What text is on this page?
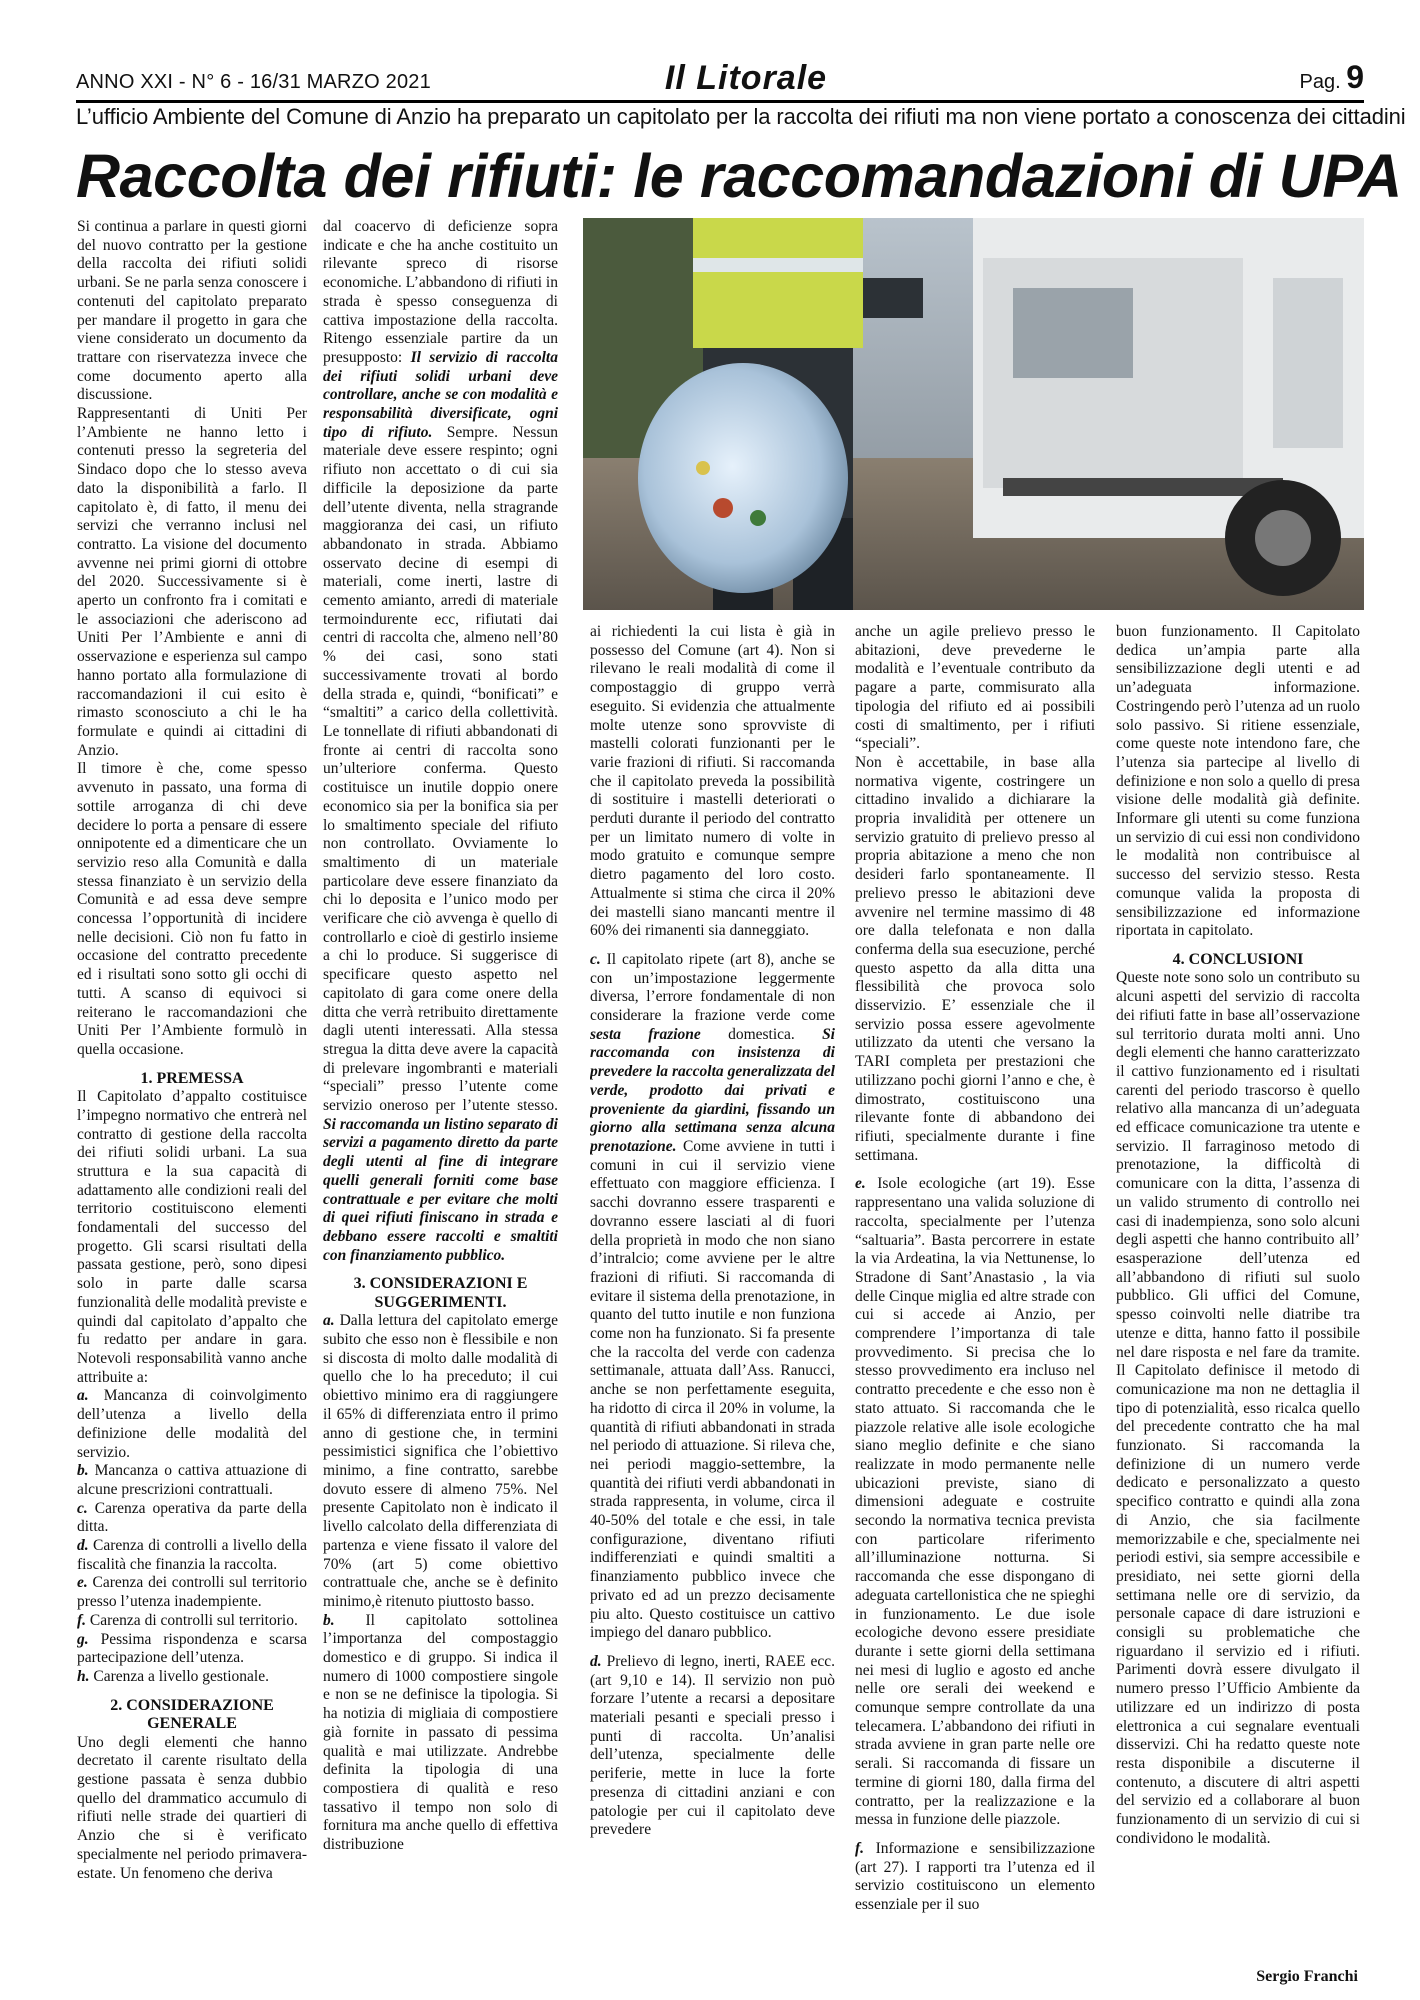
ANNO XXI - N° 6 - 16/31 MARZO 2021	Il Litorale	Pag. 9
L’ufficio Ambiente del Comune di Anzio ha preparato un capitolato per la raccolta dei rifiuti ma non viene portato a conoscenza dei cittadini
Raccolta dei rifiuti: le raccomandazioni di UPA

Si continua a parlare in questi giorni del nuovo contratto per la gestione della raccolta dei rifiuti solidi urbani. Se ne parla senza conoscere i contenuti del capitolato preparato per mandare il progetto in gara che viene considerato un documento da trattare con riservatezza invece che come documento aperto alla discussione.

Rappresentanti di Uniti Per l’Ambiente ne hanno letto i contenuti presso la segreteria del Sindaco dopo che lo stesso aveva dato la disponibilità a farlo. Il capitolato è, di fatto, il menu dei servizi che verranno inclusi nel contratto. La visione del documento avvenne nei primi giorni di ottobre del 2020. Successivamente si è aperto un confronto fra i comitati e le associazioni che aderiscono ad Uniti Per l’Ambiente e anni di osservazione e esperienza sul campo hanno portato alla formulazione di raccomandazioni il cui esito è rimasto sconosciuto a chi le ha formulate e quindi ai cittadini di Anzio.

Il timore è che, come spesso avvenuto in passato, una forma di sottile arroganza di chi deve decidere lo porta a pensare di essere onnipotente ed a dimenticare che un servizio reso alla Comunità e dalla stessa finanziato è un servizio della Comunità e ad essa deve sempre concessa l’opportunità di incidere nelle decisioni. Ciò non fu fatto in occasione del contratto precedente ed i risultati sono sotto gli occhi di tutti. A scanso di equivoci si reiterano le raccomandazioni che Uniti Per l’Ambiente formulò in quella occasione.

1. PREMESSA

Il Capitolato d’appalto costituisce l’impegno normativo che entrerà nel contratto di gestione della raccolta dei rifiuti solidi urbani. La sua struttura e la sua capacità di adattamento alle condizioni reali del territorio costituiscono elementi fondamentali del successo del progetto. Gli scarsi risultati della passata gestione, però, sono dipesi solo in parte dalle scarsa funzionalità delle modalità previste e quindi dal capitolato d’appalto che fu redatto per andare in gara. Notevoli responsabilità vanno anche attribuite a:

a. Mancanza di coinvolgimento dell’utenza a livello della definizione delle modalità del servizio.

b. Mancanza o cattiva attuazione di alcune prescrizioni contrattuali.

c. Carenza operativa da parte della ditta.

d. Carenza di controlli a livello della fiscalità che finanzia la raccolta.

e. Carenza dei controlli sul territorio presso l’utenza inadempiente.

f. Carenza di controlli sul territorio.

g. Pessima rispondenza e scarsa partecipazione dell’utenza.

h. Carenza a livello gestionale.

2. CONSIDERAZIONE GENERALE

Uno degli elementi che hanno decretato il carente risultato della gestione passata è senza dubbio quello del drammatico accumulo di rifiuti nelle strade dei quartieri di Anzio che si è verificato specialmente nel periodo primavera-estate. Un fenomeno che deriva

dal coacervo di deficienze sopra indicate e che ha anche costituito un rilevante spreco di risorse economiche. L’abbandono di rifiuti in strada è spesso conseguenza di cattiva impostazione della raccolta. Ritengo essenziale partire da un presupposto: Il servizio di raccolta dei rifiuti solidi urbani deve controllare, anche se con modalità e responsabilità diversificate, ogni tipo di rifiuto. Sempre. Nessun materiale deve essere respinto; ogni rifiuto non accettato o di cui sia difficile la deposizione da parte dell’utente diventa, nella stragrande maggioranza dei casi, un rifiuto abbandonato in strada. Abbiamo osservato decine di esempi di materiali, come inerti, lastre di cemento amianto, arredi di materiale termoindurente ecc, rifiutati dai centri di raccolta che, almeno nell’80 % dei casi, sono stati successivamente trovati al bordo della strada e, quindi, “bonificati” e “smaltiti” a carico della collettività. Le tonnellate di rifiuti abbandonati di fronte ai centri di raccolta sono un’ulteriore conferma. Questo costituisce un inutile doppio onere economico sia per la bonifica sia per lo smaltimento speciale del rifiuto non controllato. Ovviamente lo smaltimento di un materiale particolare deve essere finanziato da chi lo deposita e l’unico modo per verificare che ciò avvenga è quello di controllarlo e cioè di gestirlo insieme a chi lo produce. Si suggerisce di specificare questo aspetto nel capitolato di gara come onere della ditta che verrà retribuito direttamente dagli utenti interessati. Alla stessa stregua la ditta deve avere la capacità di prelevare ingombranti e materiali “speciali” presso l’utente come servizio oneroso per l’utente stesso. Si raccomanda un listino separato di servizi a pagamento diretto da parte degli utenti al fine di integrare quelli generali forniti come base contrattuale e per evitare che molti di quei rifiuti finiscano in strada e debbano essere raccolti e smaltiti con finanziamento pubblico.

3. CONSIDERAZIONI E SUGGERIMENTI.

a. Dalla lettura del capitolato emerge subito che esso non è flessibile e non si discosta di molto dalle modalità di quello che lo ha preceduto; il cui obiettivo minimo era di raggiungere il 65% di differenziata entro il primo anno di gestione che, in termini pessimistici significa che l’obiettivo minimo, a fine contratto, sarebbe dovuto essere di almeno 75%. Nel presente Capitolato non è indicato il livello calcolato della differenziata di partenza e viene fissato il valore del 70% (art 5) come obiettivo contrattuale che, anche se è definito minimo,è ritenuto piuttosto basso.

b. Il capitolato sottolinea l’importanza del compostaggio domestico e di gruppo. Si indica il numero di 1000 compostiere singole e non se ne definisce la tipologia. Si ha notizia di migliaia di compostiere già fornite in passato di pessima qualità e mai utilizzate. Andrebbe definita la tipologia di una compostiera di qualità e reso tassativo il tempo non solo di fornitura ma anche quello di effettiva distribuzione

ai richiedenti la cui lista è già in possesso del Comune (art 4). Non si rilevano le reali modalità di come il compostaggio di gruppo verrà eseguito. Si evidenzia che attualmente molte utenze sono sprovviste di mastelli colorati funzionanti per le varie frazioni di rifiuti. Si raccomanda che il capitolato preveda la possibilità di sostituire i mastelli deteriorati o perduti durante il periodo del contratto per un limitato numero di volte in modo gratuito e comunque sempre dietro pagamento del loro costo. Attualmente si stima che circa il 20% dei mastelli siano mancanti mentre il 60% dei rimanenti sia danneggiato.

c. Il capitolato ripete (art 8), anche se con un’impostazione leggermente diversa, l’errore fondamentale di non considerare la frazione verde come sesta frazione domestica. Si raccomanda con insistenza di prevedere la raccolta generalizzata del verde, prodotto dai privati e proveniente da giardini, fissando un giorno alla settimana senza alcuna prenotazione. Come avviene in tutti i comuni in cui il servizio viene effettuato con maggiore efficienza. I sacchi dovranno essere trasparenti e dovranno essere lasciati al di fuori della proprietà in modo che non siano d’intralcio; come avviene per le altre frazioni di rifiuti. Si raccomanda di evitare il sistema della prenotazione, in quanto del tutto inutile e non funziona come non ha funzionato. Si fa presente che la raccolta del verde con cadenza settimanale, attuata dall’Ass. Ranucci, anche se non perfettamente eseguita, ha ridotto di circa il 20% in volume, la quantità di rifiuti abbandonati in strada nel periodo di attuazione. Si rileva che, nei periodi maggio-settembre, la quantità dei rifiuti verdi abbandonati in strada rappresenta, in volume, circa il 40-50% del totale e che essi, in tale configurazione, diventano rifiuti indifferenziati e quindi smaltiti a finanziamento pubblico invece che privato ed ad un prezzo decisamente piu alto. Questo costituisce un cattivo impiego del danaro pubblico.

d. Prelievo di legno, inerti, RAEE ecc. (art 9,10 e 14). Il servizio non può forzare l’utente a recarsi a depositare materiali pesanti e speciali presso i punti di raccolta. Un’analisi dell’utenza, specialmente delle periferie, mette in luce la forte presenza di cittadini anziani e con patologie per cui il capitolato deve prevedere

anche un agile prelievo presso le abitazioni, deve prevederne le modalità e l’eventuale contributo da pagare a parte, commisurato alla tipologia del rifiuto ed ai possibili costi di smaltimento, per i rifiuti “speciali”.

Non è accettabile, in base alla normativa vigente, costringere un cittadino invalido a dichiarare la propria invalidità per ottenere un servizio gratuito di prelievo presso al propria abitazione a meno che non desideri farlo spontaneamente. Il prelievo presso le abitazioni deve avvenire nel termine massimo di 48 ore dalla telefonata e non dalla conferma della sua esecuzione, perché questo aspetto da alla ditta una flessibilità che provoca solo disservizio. E’ essenziale che il servizio possa essere agevolmente utilizzato da utenti che versano la TARI completa per prestazioni che utilizzano pochi giorni l’anno e che, è dimostrato, costituiscono una rilevante fonte di abbandono dei rifiuti, specialmente durante i fine settimana.

e. Isole ecologiche (art 19). Esse rappresentano una valida soluzione di raccolta, specialmente per l’utenza “saltuaria”. Basta percorrere in estate la via Ardeatina, la via Nettunense, lo Stradone di Sant’Anastasio , la via delle Cinque miglia ed altre strade con cui si accede ai Anzio, per comprendere l’importanza di tale provvedimento. Si precisa che lo stesso provvedimento era incluso nel contratto precedente e che esso non è stato attuato. Si raccomanda che le piazzole relative alle isole ecologiche siano meglio definite e che siano realizzate in modo permanente nelle ubicazioni previste, siano di dimensioni adeguate e costruite secondo la normativa tecnica prevista con particolare riferimento all’illuminazione notturna. Si raccomanda che esse dispongano di adeguata cartellonistica che ne spieghi in funzionamento. Le due isole ecologiche devono essere presidiate durante i sette giorni della settimana nei mesi di luglio e agosto ed anche nelle ore serali dei weekend e comunque sempre controllate da una telecamera. L’abbandono dei rifiuti in strada avviene in gran parte nelle ore serali. Si raccomanda di fissare un termine di giorni 180, dalla firma del contratto, per la realizzazione e la messa in funzione delle piazzole.

f. Informazione e sensibilizzazione (art 27). I rapporti tra l’utenza ed il servizio costituiscono un elemento essenziale per il suo

buon funzionamento. Il Capitolato dedica un’ampia parte alla sensibilizzazione degli utenti e ad un’adeguata informazione. Costringendo però l’utenza ad un ruolo solo passivo. Si ritiene essenziale, come queste note intendono fare, che l’utenza sia partecipe al livello di definizione e non solo a quello di presa visione delle modalità già definite. Informare gli utenti su come funziona un servizio di cui essi non condividono le modalità non contribuisce al successo del servizio stesso. Resta comunque valida la proposta di sensibilizzazione ed informazione riportata in capitolato.

4. CONCLUSIONI

Queste note sono solo un contributo su alcuni aspetti del servizio di raccolta dei rifiuti fatte in base all’osservazione sul territorio durata molti anni. Uno degli elementi che hanno caratterizzato il cattivo funzionamento ed i risultati carenti del periodo trascorso è quello relativo alla mancanza di un’adeguata ed efficace comunicazione tra utente e servizio. Il farraginoso metodo di prenotazione, la difficoltà di comunicare con la ditta, l’assenza di un valido strumento di controllo nei casi di inadempienza, sono solo alcuni degli aspetti che hanno contribuito all’ esasperazione dell’utenza ed all’abbandono di rifiuti sul suolo pubblico. Gli uffici del Comune, spesso coinvolti nelle diatribe tra utenze e ditta, hanno fatto il possibile nel dare risposta e nel fare da tramite. Il Capitolato definisce il metodo di comunicazione ma non ne dettaglia il tipo di potenzialità, esso ricalca quello del precedente contratto che ha mal funzionato. Si raccomanda la definizione di un numero verde dedicato e personalizzato a questo specifico contratto e quindi alla zona di Anzio, che sia facilmente memorizzabile e che, specialmente nei periodi estivi, sia sempre accessibile e presidiato, nei sette giorni della settimana nelle ore di servizio, da personale capace di dare istruzioni e consigli su problematiche che riguardano il servizio ed i rifiuti. Parimenti dovrà essere divulgato il numero presso l’Ufficio Ambiente da utilizzare ed un indirizzo di posta elettronica a cui segnalare eventuali disservizi. Chi ha redatto queste note resta disponibile a discuterne il contenuto, a discutere di altri aspetti del servizio ed a collaborare al buon funzionamento di un servizio di cui si condividono le modalità.

Sergio Franchi
